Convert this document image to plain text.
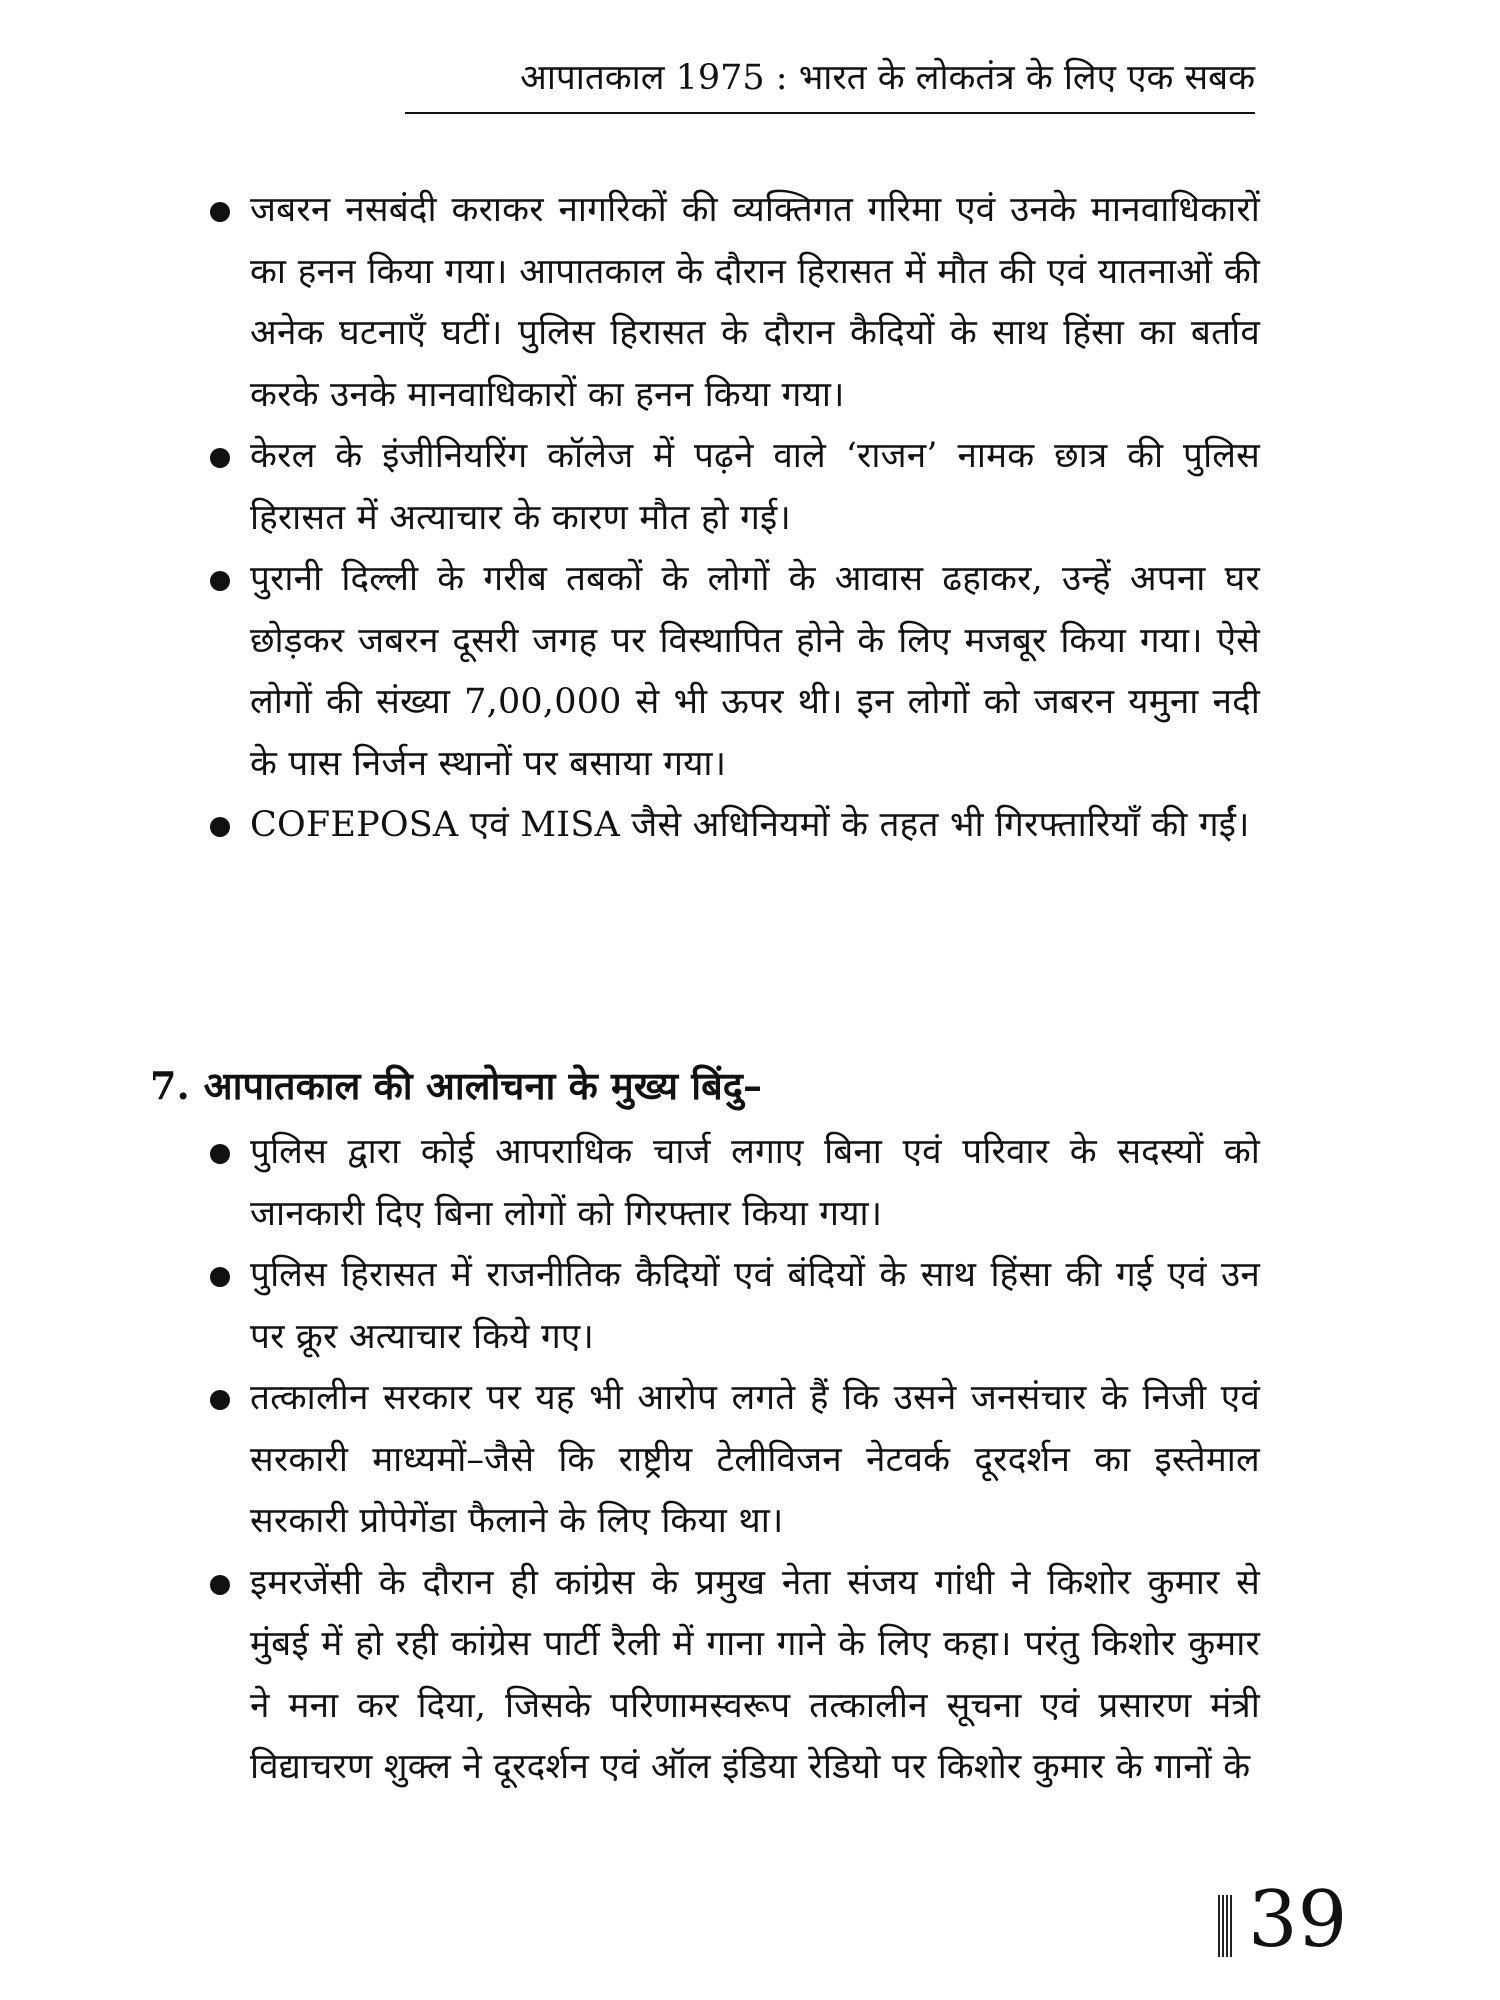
आपातकाल 1975 : भारत के लोकतंत्र के लिए एक सबक
जबरन नसबंदी कराकर नागरिकों की व्यक्तिगत गरिमा एवं उनके मानवाधिकारों का हनन किया गया। आपातकाल के दौरान हिरासत में मौत की एवं यातनाओं की अनेक घटनाएँ घटीं। पुलिस हिरासत के दौरान कैदियों के साथ हिंसा का बर्ताव करके उनके मानवाधिकारों का हनन किया गया।
केरल के इंजीनियरिंग कॉलेज में पढ़ने वाले ‘राजन’ नामक छात्र की पुलिस हिरासत में अत्याचार के कारण मौत हो गई।
पुरानी दिल्ली के गरीब तबकों के लोगों के आवास ढहाकर, उन्हें अपना घर छोड़कर जबरन दूसरी जगह पर विस्थापित होने के लिए मजबूर किया गया। ऐसे लोगों की संख्या 7,00,000 से भी ऊपर थी। इन लोगों को जबरन यमुना नदी के पास निर्जन स्थानों पर बसाया गया।
COFEPOSA एवं MISA जैसे अधिनियमों के तहत भी गिरफ्तारियाँ की गईं।
7. आपातकाल की आलोचना के मुख्य बिंदु–
पुलिस द्वारा कोई आपराधिक चार्ज लगाए बिना एवं परिवार के सदस्यों को जानकारी दिए बिना लोगों को गिरफ्तार किया गया।
पुलिस हिरासत में राजनीतिक कैदियों एवं बंदियों के साथ हिंसा की गई एवं उन पर क्रूर अत्याचार किये गए।
तत्कालीन सरकार पर यह भी आरोप लगते हैं कि उसने जनसंचार के निजी एवं सरकारी माध्यमों–जैसे कि राष्ट्रीय टेलीविजन नेटवर्क दूरदर्शन का इस्तेमाल सरकारी प्रोपेगेंडा फैलाने के लिए किया था।
इमरजेंसी के दौरान ही कांग्रेस के प्रमुख नेता संजय गांधी ने किशोर कुमार से मुंबई में हो रही कांग्रेस पार्टी रैली में गाना गाने के लिए कहा। परंतु किशोर कुमार ने मना कर दिया, जिसके परिणामस्वरूप तत्कालीन सूचना एवं प्रसारण मंत्री विद्याचरण शुक्ल ने दूरदर्शन एवं ऑल इंडिया रेडियो पर किशोर कुमार के गानों के
39
